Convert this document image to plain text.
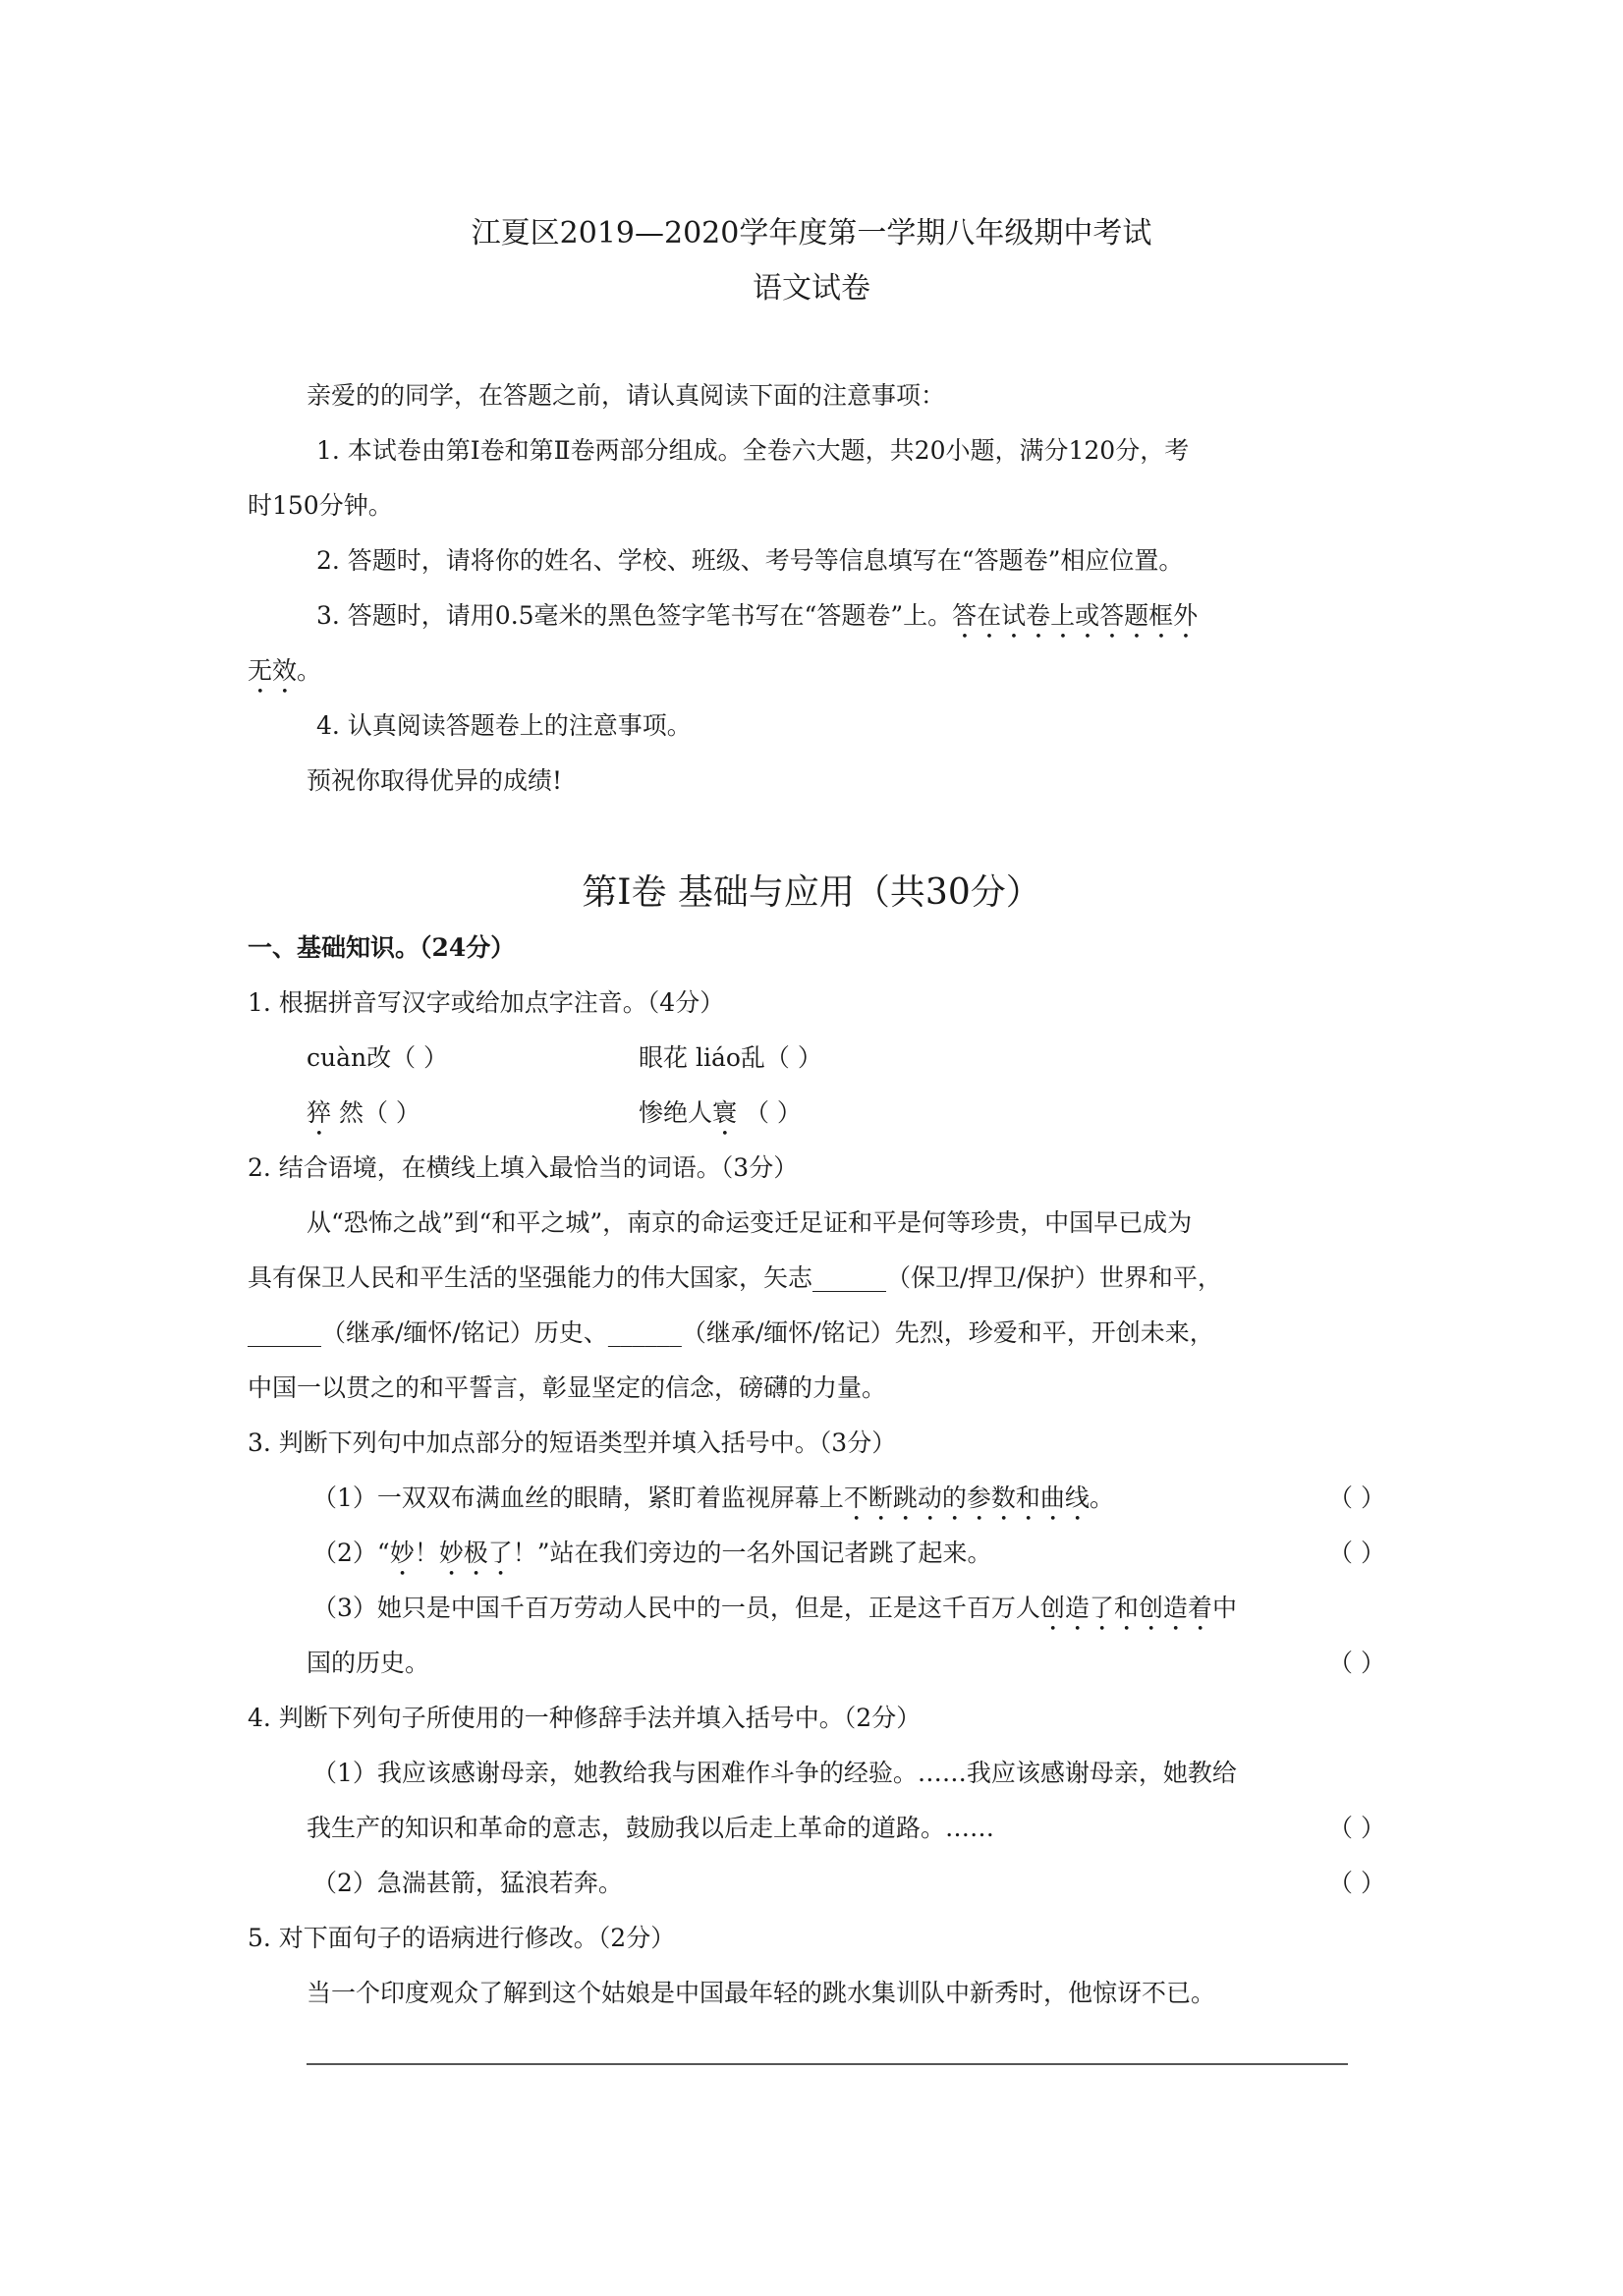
江夏区2019—2020学年度第一学期八年级期中考试
语文试卷
亲爱的的同学，在答题之前，请认真阅读下面的注意事项：
1. 本试卷由第Ⅰ卷和第Ⅱ卷两部分组成。全卷六大题，共20小题，满分120分，考
时150分钟。
2. 答题时，请将你的姓名、学校、班级、考号等信息填写在“答题卷”相应位置。
3. 答题时，请用0.5毫米的黑色签字笔书写在“答题卷”上。答在试卷上或答题框外
无效。
4. 认真阅读答题卷上的注意事项。
预祝你取得优异的成绩!
第Ⅰ卷 基础与应用（共30分）
一、基础知识。（24分）
1. 根据拼音写汉字或给加点字注音。（4分）
cuàn改（ ）	眼花 liáo乱（ ）
猝 然（ ）	惨绝人寰 （ ）
2. 结合语境，在横线上填入最恰当的词语。（3分）
从“恐怖之战”到“和平之城”，南京的命运变迁足证和平是何等珍贵，中国早已成为
具有保卫人民和平生活的坚强能力的伟大国家，矢志______（保卫/捍卫/保护）世界和平，
______（继承/缅怀/铭记）历史、______（继承/缅怀/铭记）先烈，珍爱和平，开创未来，
中国一以贯之的和平誓言，彰显坚定的信念，磅礴的力量。
3. 判断下列句中加点部分的短语类型并填入括号中。（3分）
（1）一双双布满血丝的眼睛，紧盯着监视屏幕上不断跳动的参数和曲线。	（ ）
（2）“妙！妙极了！”站在我们旁边的一名外国记者跳了起来。	（ ）
（3）她只是中国千百万劳动人民中的一员，但是，正是这千百万人创造了和创造着中
国的历史。	（ ）
4. 判断下列句子所使用的一种修辞手法并填入括号中。（2分）
（1）我应该感谢母亲，她教给我与困难作斗争的经验。……我应该感谢母亲，她教给
我生产的知识和革命的意志，鼓励我以后走上革命的道路。……	（ ）
（2）急湍甚箭，猛浪若奔。	（ ）
5. 对下面句子的语病进行修改。（2分）
当一个印度观众了解到这个姑娘是中国最年轻的跳水集训队中新秀时，他惊讶不已。
